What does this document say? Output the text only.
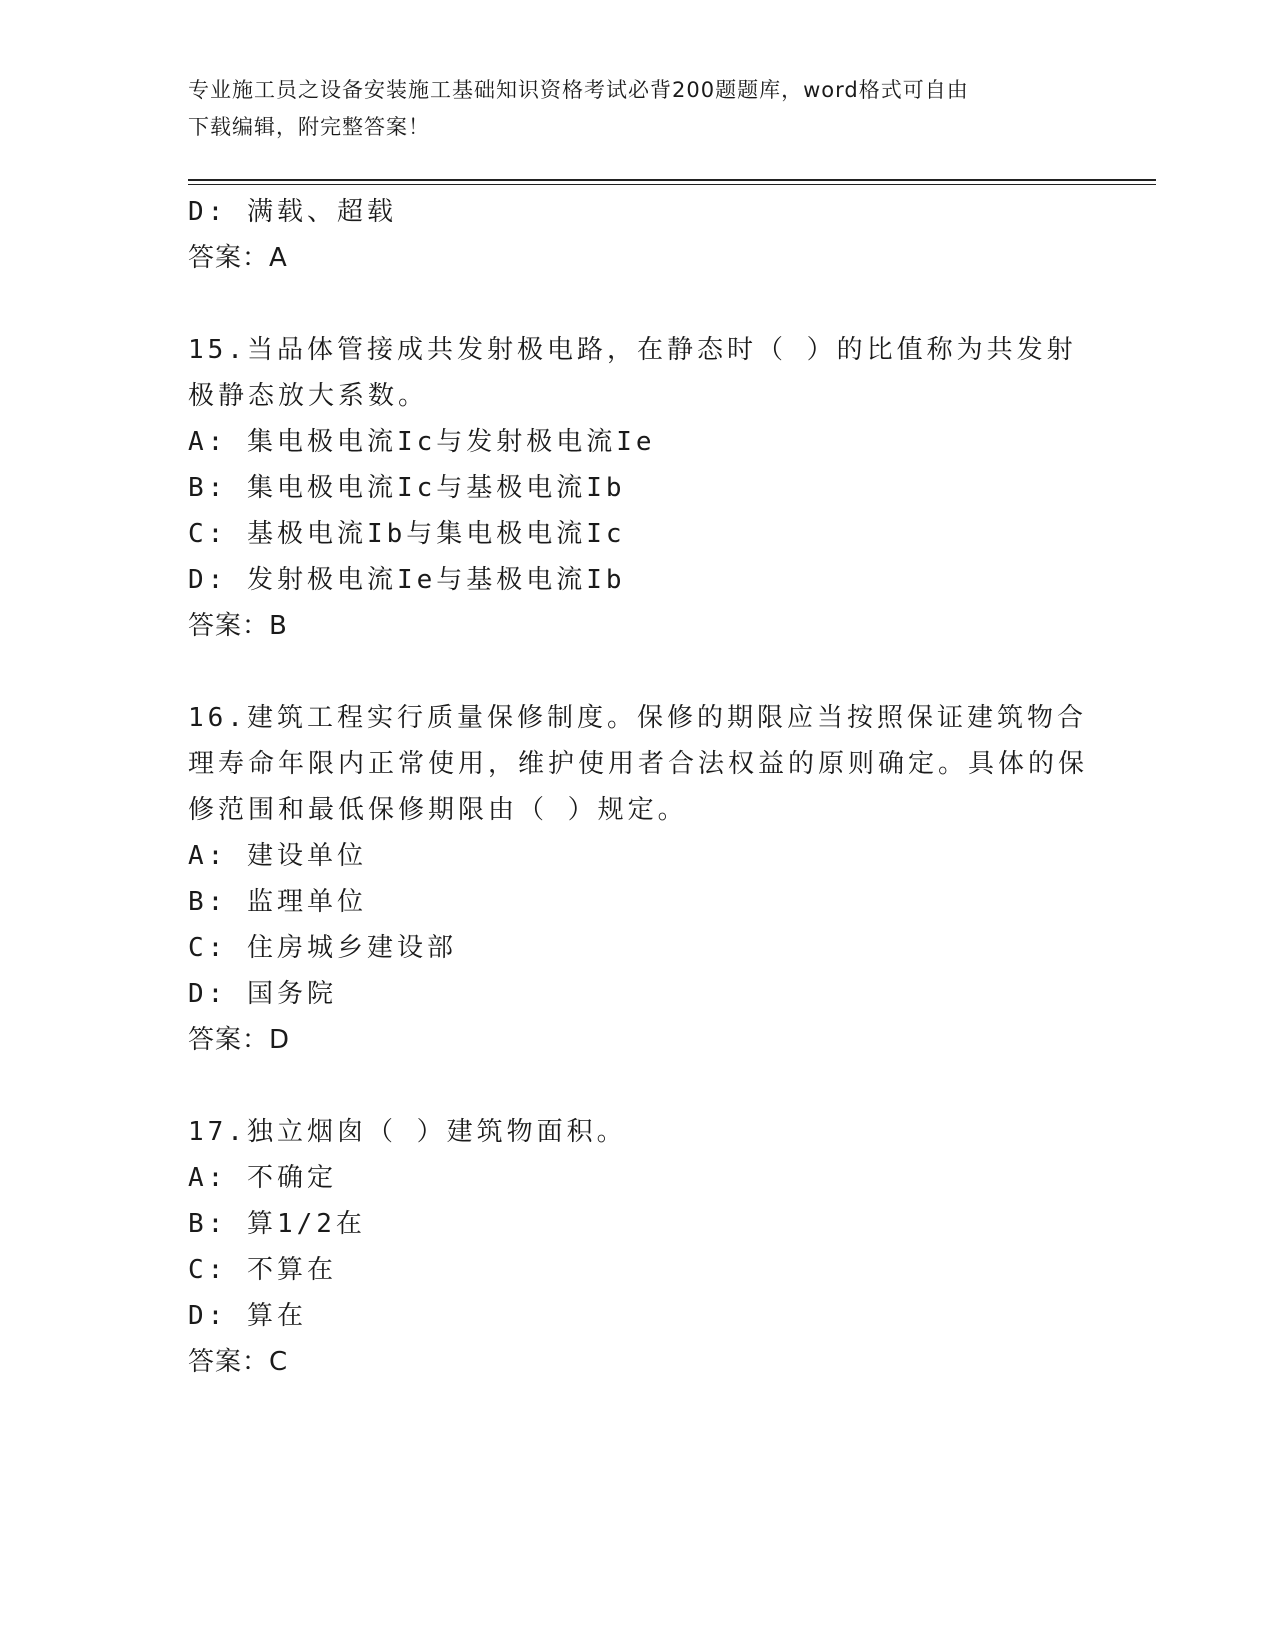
专业施工员之设备安装施工基础知识资格考试必背200题题库，word格式可自由
下载编辑，附完整答案！
D: 满载、超载
答案：A
15.当品体管接成共发射极电路，在静态时（ ）的比值称为共发射极静态放大系数。
A: 集电极电流Ic与发射极电流Ie
B: 集电极电流Ic与基极电流Ib
C: 基极电流Ib与集电极电流Ic
D: 发射极电流Ie与基极电流Ib
答案：B
16.建筑工程实行质量保修制度。保修的期限应当按照保证建筑物合理寿命年限内正常使用，维护使用者合法权益的原则确定。具体的保修范围和最低保修期限由（ ）规定。
A: 建设单位
B: 监理单位
C: 住房城乡建设部
D: 国务院
答案：D
17.独立烟囱（ ）建筑物面积。
A: 不确定
B: 算1/2在
C: 不算在
D: 算在
答案：C
